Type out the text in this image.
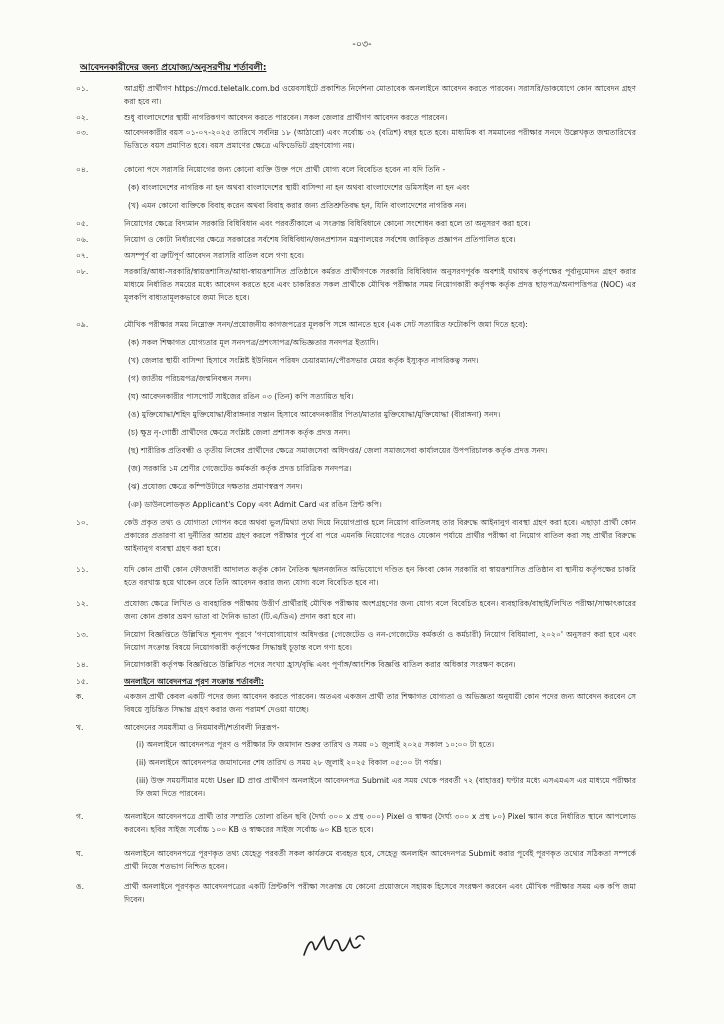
-০৩-
আবেদনকারীদের জন্য প্রযোজ্য/অনুসরণীয় শর্তাবলী:
০১.	আগ্রহী প্রার্থীগণ https://mcd.teletalk.com.bd ওয়েবসাইটে প্রকাশিত নির্দেশনা মোতাবেক অনলাইনে আবেদন করতে পারবেন। সরাসরি/ডাকযোগে কোন আবেদন গ্রহণ করা হবে না।
০২.	শুধু বাংলাদেশের স্থায়ী নাগরিকগণ আবেদন করতে পারবেন। সকল জেলার প্রার্থীগণ আবেদন করতে পারবেন।
০৩.	আবেদনকারীর বয়স ০১-০৭-২০২৫ তারিখে সর্বনিম্ন ১৮ (আঠারো) এবং সর্বোচ্চ ৩২ (বত্রিশ) বছর হতে হবে। মাধ্যমিক বা সমমানের পরীক্ষার সনদে উল্লেখকৃত জন্মতারিখের ভিত্তিতে বয়স প্রমাণিত হবে। বয়স প্রমাণের ক্ষেত্রে এফিডেভিট গ্রহণযোগ্য নয়।
০৪.	কোনো পদে সরাসরি নিয়োগের জন্য কোনো ব্যক্তি উক্ত পদে প্রার্থী যোগ্য বলে বিবেচিত হবেন না যদি তিনি -
(ক) বাংলাদেশের নাগরিক না হন অথবা বাংলাদেশের স্থায়ী বাসিন্দা না হন অথবা বাংলাদেশের ডমিসাইল না হন এবং
(খ) এমন কোনো ব্যক্তিকে বিবাহ করেন অথবা বিবাহ করার জন্য প্রতিশ্রুতিবদ্ধ হন, যিনি বাংলাদেশের নাগরিক নন।
০৫.	নিয়োগের ক্ষেত্রে বিদ্যমান সরকারি বিধিবিধান এবং পরবর্তীকালে এ সংক্রান্ত বিধিবিধানে কোনো সংশোধন করা হলে তা অনুসরণ করা হবে।
০৬.	নিয়োগ ও কোটা নির্ধারণের ক্ষেত্রে সরকারের সর্বশেষ বিধিবিধান/জনপ্রশাসন মন্ত্রণালয়ের সর্বশেষ জারিকৃত প্রজ্ঞাপন প্রতিপালিত হবে।
০৭.	অসম্পূর্ণ বা ত্রুটিপূর্ণ আবেদন সরাসরি বাতিল বলে গণ্য হবে।
০৮.	সরকারি/আধা-সরকারি/স্বায়ত্তশাসিত/আধা-স্বায়ত্তশাসিত প্রতিষ্ঠানে কর্মরত প্রার্থীগণকে সরকারি বিধিবিধান অনুসরণপূর্বক অবশ্যই যথাযথ কর্তৃপক্ষের পূর্বানুমোদন গ্রহণ করার মাধ্যমে নির্ধারিত সময়ের মধ্যে আবেদন করতে হবে এবং চাকরিরত সকল প্রার্থীকে মৌখিক পরীক্ষার সময় নিয়োগকারী কর্তৃপক্ষ কর্তৃক প্রদত্ত ছাড়পত্র/অনাপত্তিপত্র (NOC) এর মূলকপি বাধ্যতামূলকভাবে জমা দিতে হবে।
০৯.	মৌখিক পরীক্ষার সময় নিম্নোক্ত সনদ/প্রয়োজনীয় কাগজপত্রের মূলকপি সঙ্গে আনতে হবে (এক সেট সত্যায়িত ফটোকপি জমা দিতে হবে):
(ক) সকল শিক্ষাগত যোগ্যতার মূল সনদপত্র/প্রশংসাপত্র/অভিজ্ঞতার সনদপত্র ইত্যাদি।
(খ) জেলার স্থায়ী বাসিন্দা হিসাবে সংশ্লিষ্ট ইউনিয়ন পরিষদ চেয়ারম্যান/পৌরসভার মেয়র কর্তৃক ইস্যুকৃত নাগরিকত্ব সনদ।
(গ) জাতীয় পরিচয়পত্র/জন্মনিবন্ধন সনদ।
(ঘ) আবেদনকারীর পাসপোর্ট সাইজের রঙিন ০৩ (তিন) কপি সত্যায়িত ছবি।
(ঙ) মুক্তিযোদ্ধা/শহিদ মুক্তিযোদ্ধা/বীরাঙ্গনার সন্তান হিসাবে আবেদনকারীর পিতা/মাতার মুক্তিযোদ্ধা/মুক্তিযোদ্ধা (বীরাঙ্গনা) সনদ।
(চ) ক্ষুদ্র নৃ-গোষ্ঠী প্রার্থীদের ক্ষেত্রে সংশ্লিষ্ট জেলা প্রশাসক কর্তৃক প্রদত্ত সনদ।
(ছ) শারীরিক প্রতিবন্ধী ও তৃতীয় লিঙ্গের প্রার্থীদের ক্ষেত্রে সমাজসেবা অধিদপ্তর/ জেলা সমাজসেবা কার্যালয়ের উপপরিচালক কর্তৃক প্রদত্ত সনদ।
(জ) সরকারি ১ম শ্রেণীর গেজেটেড কর্মকর্তা কর্তৃক প্রদত্ত চারিত্রিক সনদপত্র।
(ঝ) প্রযোজ্য ক্ষেত্রে কম্পিউটারে দক্ষতার প্রমাণস্বরূপ সনদ।
(ঞ) ডাউনলোডকৃত Applicant's Copy এবং Admit Card এর রঙিন প্রিন্ট কপি।
১০.	কেউ প্রকৃত তথ্য ও যোগ্যতা গোপন করে অথবা ভুল/মিথ্যা তথ্য দিয়ে নিয়োগপ্রাপ্ত হলে নিয়োগ বাতিলসহ তার বিরুদ্ধে আইনানুগ ব্যবস্থা গ্রহণ করা হবে। এছাড়া প্রার্থী কোন প্রকারের প্রতারণা বা দুর্নীতির আশ্রয় গ্রহণ করলে পরীক্ষার পূর্বে বা পরে এমনকি নিয়োগের পরেও যেকোন পর্যায়ে প্রার্থীর পরীক্ষা বা নিয়োগ বাতিল করা সহ প্রার্থীর বিরুদ্ধে আইনানুগ ব্যবস্থা গ্রহণ করা হবে।
১১.	যদি কোন প্রার্থী কোন ফৌজদারী আদালত কর্তৃক কোন নৈতিক স্খলনজনিত অভিযোগে দণ্ডিত হন কিংবা কোন সরকারি বা স্বায়ত্তশাসিত প্রতিষ্ঠান বা স্থানীয় কর্তৃপক্ষের চাকরি হতে বরখাস্ত হয়ে থাকেন তবে তিনি আবেদন করার জন্য যোগ্য বলে বিবেচিত হবে না।
১২.	প্রযোজ্য ক্ষেত্রে লিখিত ও ব্যবহারিক পরীক্ষায় উত্তীর্ণ প্রার্থীরাই মৌখিক পরীক্ষায় অংশগ্রহণের জন্য যোগ্য বলে বিবেচিত হবেন। ব্যবহারিক/বাছাই/লিখিত পরীক্ষা/সাক্ষাৎকারের জন্য কোন প্রকার ভ্রমণ ভাতা বা দৈনিক ভাতা (টি.এ/ডিএ) প্রদান করা হবে না।
১৩.	নিয়োগ বিজ্ঞপ্তিতে উল্লিখিত শূন্যপদ পূরণে 'গণযোগাযোগ অধিদপ্তর (গেজেটেড ও নন-গেজেটেড কর্মকর্তা ও কর্মচারী) নিয়োগ বিধিমালা, ২০২০' অনুসরণ করা হবে এবং নিয়োগ সংক্রান্ত বিষয়ে নিয়োগকারী কর্তৃপক্ষের সিদ্ধান্তই চূড়ান্ত বলে গণ্য হবে।
১৪.	নিয়োগকারী কর্তৃপক্ষ বিজ্ঞপ্তিতে উল্লিখিত পদের সংখ্যা হ্রাস/বৃদ্ধি এবং পূর্ণাঙ্গ/আংশিক বিজ্ঞপ্তি বাতিল করার অধিকার সংরক্ষণ করেন।
১৫.	অনলাইনে আবেদনপত্র পূরণ সংক্রান্ত শর্তাবলী:
ক.	একজন প্রার্থী কেবল একটি পদের জন্য আবেদন করতে পারবেন। অতএব একজন প্রার্থী তার শিক্ষাগত যোগ্যতা ও অভিজ্ঞতা অনুযায়ী কোন পদের জন্য আবেদন করবেন সে বিষয়ে সুচিন্তিত সিদ্ধান্ত গ্রহণ করার জন্য পরামর্শ দেওয়া যাচ্ছে।
খ.	আবেদনের সময়সীমা ও নিয়মাবলী/শর্তাবলী নিম্নরূপ-
(i) অনলাইনে আবেদনপত্র পূরণ ও পরীক্ষার ফি জমাদান শুরুর তারিখ ও সময় ০১ জুলাই ২০২৫ সকাল ১০:০০ টা হতে।
(ii) অনলাইনে আবেদনপত্র জমাদানের শেষ তারিখ ও সময় ২৮ জুলাই ২০২৫ বিকাল ০৫:০০ টা পর্যন্ত।
(iii) উক্ত সময়সীমার মধ্যে User ID প্রাপ্ত প্রার্থীগণ অনলাইনে আবেদনপত্র Submit এর সময় থেকে পরবর্তী ৭২ (বাহাত্তর) ঘণ্টার মধ্যে এসএমএস এর মাধ্যমে পরীক্ষার ফি জমা দিতে পারবেন।
গ.	অনলাইনে আবেদনপত্রে প্রার্থী তার সম্প্রতি তোলা রঙিন ছবি (দৈর্ঘ্য ৩০০ x প্রস্থ ৩০০) Pixel ও স্বাক্ষর (দৈর্ঘ্য ৩০০ x প্রস্থ ৮০) Pixel স্ক্যান করে নির্ধারিত স্থানে আপলোড করবেন। ছবির সাইজ সর্বোচ্চ ১০০ KB ও স্বাক্ষরের সাইজ সর্বোচ্চ ৬০ KB হতে হবে।
ঘ.	অনলাইনে আবেদনপত্রে পূরণকৃত তথ্য যেহেতু পরবর্তী সকল কার্যক্রমে ব্যবহৃত হবে, সেহেতু অনলাইন আবেদনপত্র Submit করার পূর্বেই পূরণকৃত তথ্যের সঠিকতা সম্পর্কে প্রার্থী নিজে শতভাগ নিশ্চিত হবেন।
ঙ.	প্রার্থী অনলাইনে পূরণকৃত আবেদনপত্রের একটি প্রিন্টকপি পরীক্ষা সংক্রান্ত যে কোনো প্রয়োজনে সহায়ক হিসেবে সংরক্ষণ করবেন এবং মৌখিক পরীক্ষার সময় এক কপি জমা দিবেন।
